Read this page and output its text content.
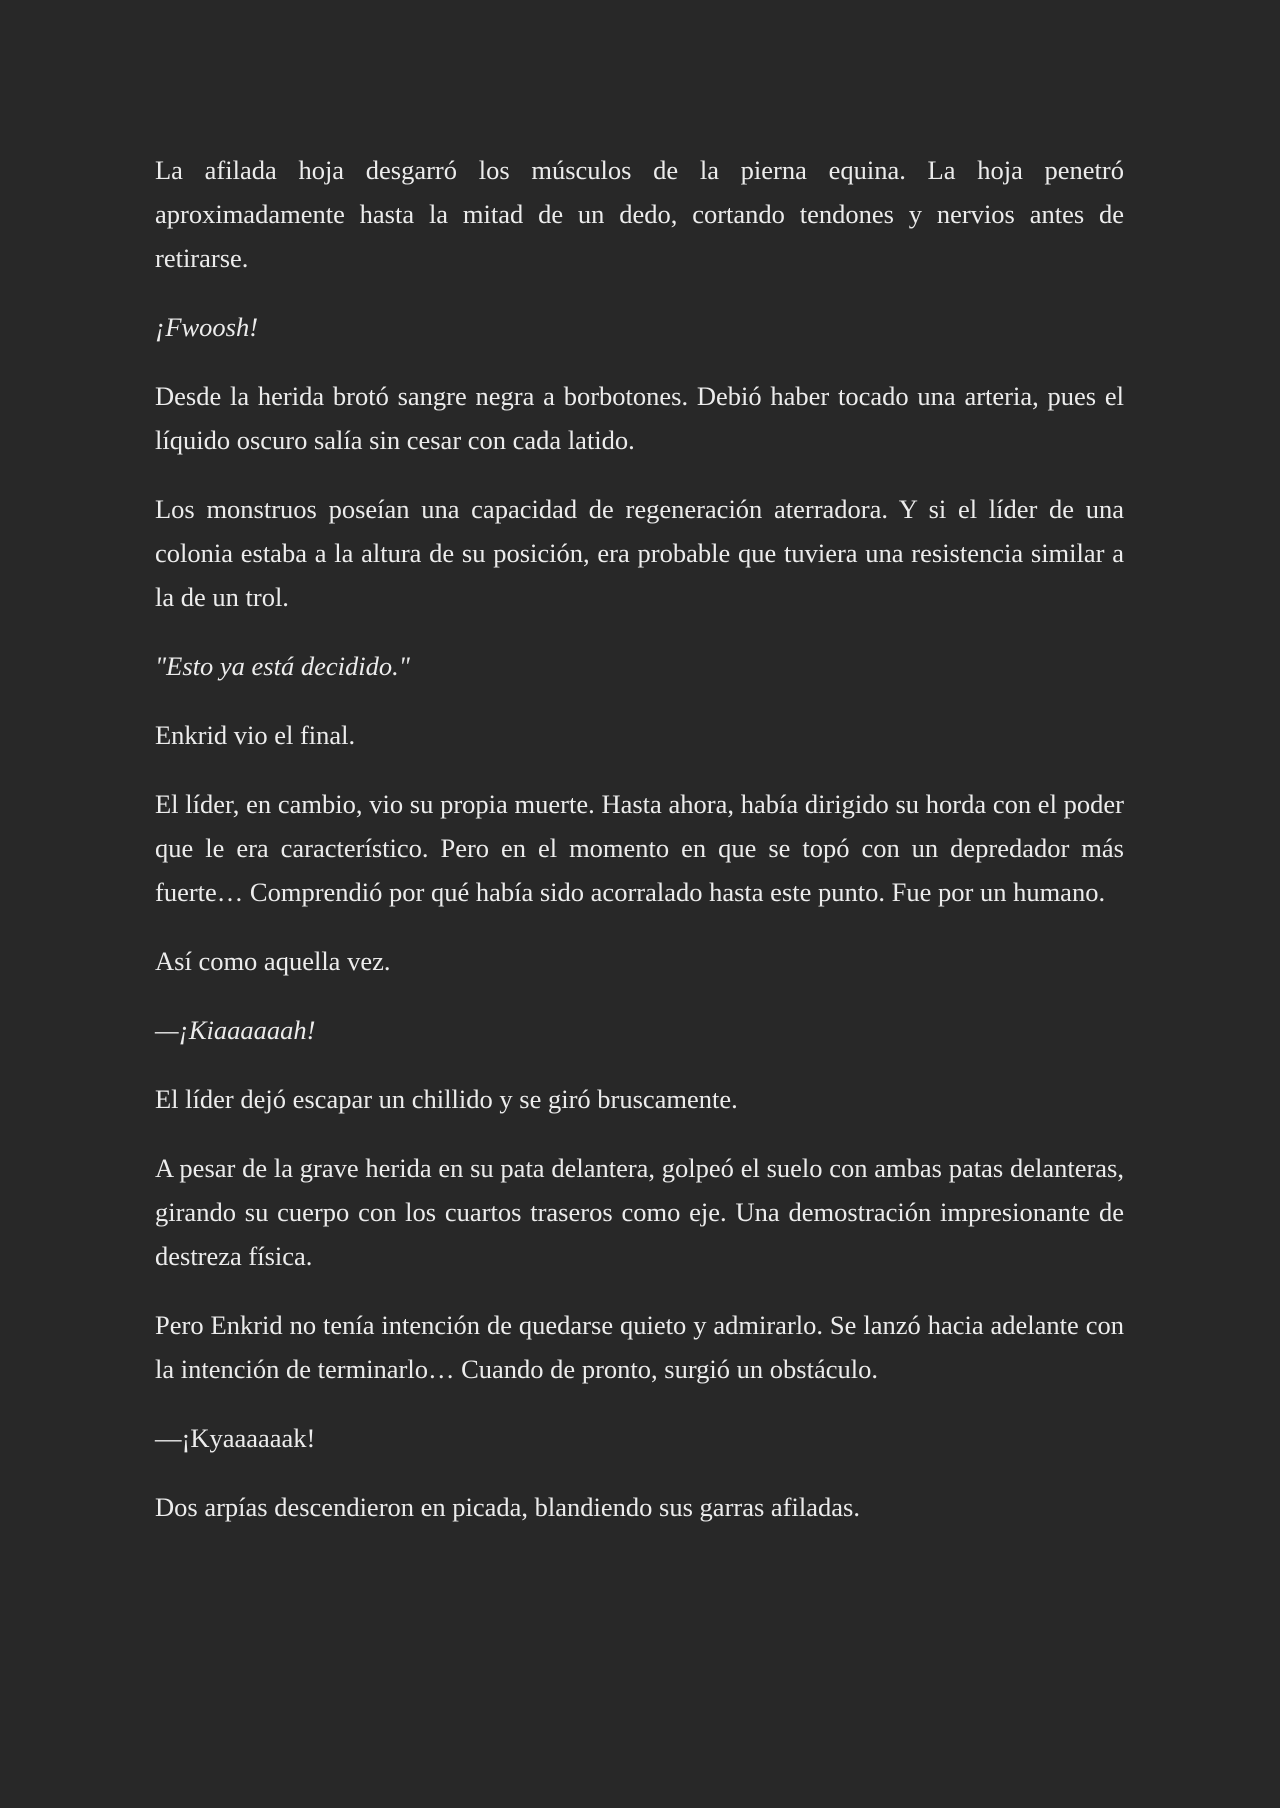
La afilada hoja desgarró los músculos de la pierna equina. La hoja penetró aproximadamente hasta la mitad de un dedo, cortando tendones y nervios antes de retirarse.

¡Fwoosh!

Desde la herida brotó sangre negra a borbotones. Debió haber tocado una arteria, pues el líquido oscuro salía sin cesar con cada latido.

Los monstruos poseían una capacidad de regeneración aterradora. Y si el líder de una colonia estaba a la altura de su posición, era probable que tuviera una resistencia similar a la de un trol.

"Esto ya está decidido."

Enkrid vio el final.

El líder, en cambio, vio su propia muerte. Hasta ahora, había dirigido su horda con el poder que le era característico. Pero en el momento en que se topó con un depredador más fuerte… Comprendió por qué había sido acorralado hasta este punto. Fue por un humano.

Así como aquella vez.

—¡Kiaaaaaah!

El líder dejó escapar un chillido y se giró bruscamente.

A pesar de la grave herida en su pata delantera, golpeó el suelo con ambas patas delanteras, girando su cuerpo con los cuartos traseros como eje. Una demostración impresionante de destreza física.

Pero Enkrid no tenía intención de quedarse quieto y admirarlo. Se lanzó hacia adelante con la intención de terminarlo… Cuando de pronto, surgió un obstáculo.

—¡Kyaaaaaak!

Dos arpías descendieron en picada, blandiendo sus garras afiladas.
